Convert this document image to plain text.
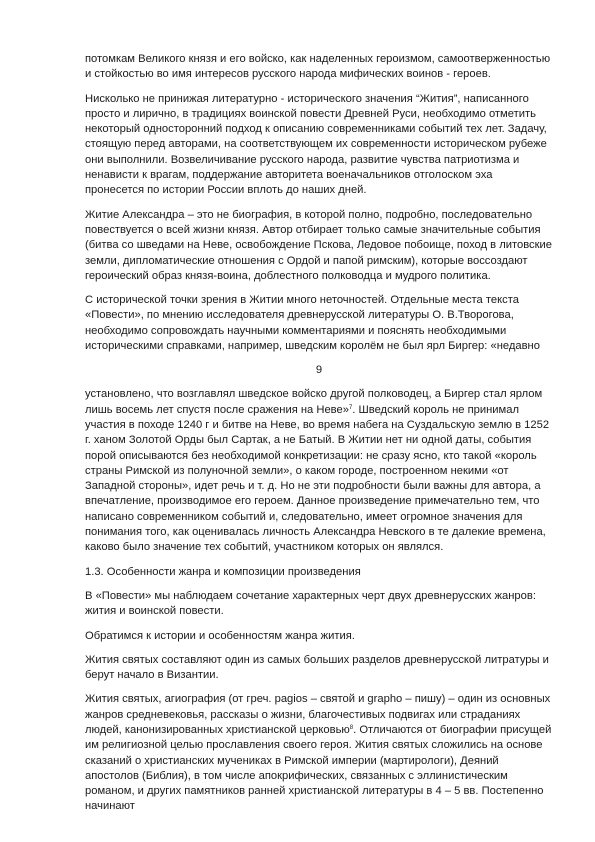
потомкам Великого князя и его войско, как наделенных героизмом, самоотверженностью и стойкостью во имя интересов русского народа мифических воинов - героев.

Нисколько не принижая литературно - исторического значения “Жития”, написанного просто и лирично, в традициях воинской повести Древней Руси, необходимо отметить некоторый односторонний подход к описанию современниками событий тех лет. Задачу, стоящую перед авторами, на соответствующем их современности историческом рубеже они выполнили. Возвеличивание русского народа, развитие чувства патриотизма и ненависти к врагам, поддержание авторитета военачальников отголоском эха пронесется по истории России вплоть до наших дней.

Житие Александра – это не биография, в которой полно, подробно, последовательно повествуется о всей жизни князя. Автор отбирает только самые значительные события (битва со шведами на Неве, освобождение Пскова, Ледовое побоище, поход в литовские земли, дипломатические отношения с Ордой и папой римским), которые воссоздают героический образ князя-воина, доблестного полководца и мудрого политика.

С исторической точки зрения в Житии много неточностей. Отдельные места текста «Повести», по мнению исследователя древнерусской литературы О. В.Творогова, необходимо сопровождать научными комментариями и пояснять необходимыми историческими справками, например, шведским королём не был ярл Биргер: «недавно

9

установлено, что возглавлял шведское войско другой полководец, а Биргер стал ярлом лишь восемь лет спустя после сражения на Неве»$^7$. Шведский король не принимал участия в походе 1240 г и битве на Неве, во время набега на Суздальскую землю в 1252 г. ханом Золотой Орды был Сартак, а не Батый. В Житии нет ни одной даты, события порой описываются без необходимой конкретизации: не сразу ясно, кто такой «король страны Римской из полуночной земли», о каком городе, построенном некими «от Западной стороны», идет речь и т. д. Но не эти подробности были важны для автора, а впечатление, производимое его героем. Данное произведение примечательно тем, что написано современником событий и, следовательно, имеет огромное значения для понимания того, как оценивалась личность Александра Невского в те далекие времена, каково было значение тех событий, участником которых он являлся.

1.3. Особенности жанра и композиции произведения

В «Повести» мы наблюдаем сочетание характерных черт двух древнерусских жанров: жития и воинской повести.

Обратимся к истории и особенностям жанра жития.

Жития святых составляют один из самых больших разделов древнерусской литратуры и берут начало в Византии.

Жития святых, агиография (от греч. pagios – святой и grapho – пишу) – один из основных жанров средневековья, рассказы о жизни, благочестивых подвигах или страданиях людей, канонизированных христианской церковью$^8$. Отличаются от биографии присущей им религиозной целью прославления своего героя. Жития святых сложились на основе сказаний о христианских мучениках в Римской империи (мартирологи), Деяний апостолов (Библия), в том числе апокрифических, связанных с эллинистическим романом, и других памятников ранней христианской литературы в 4 – 5 вв. Постепенно начинают
